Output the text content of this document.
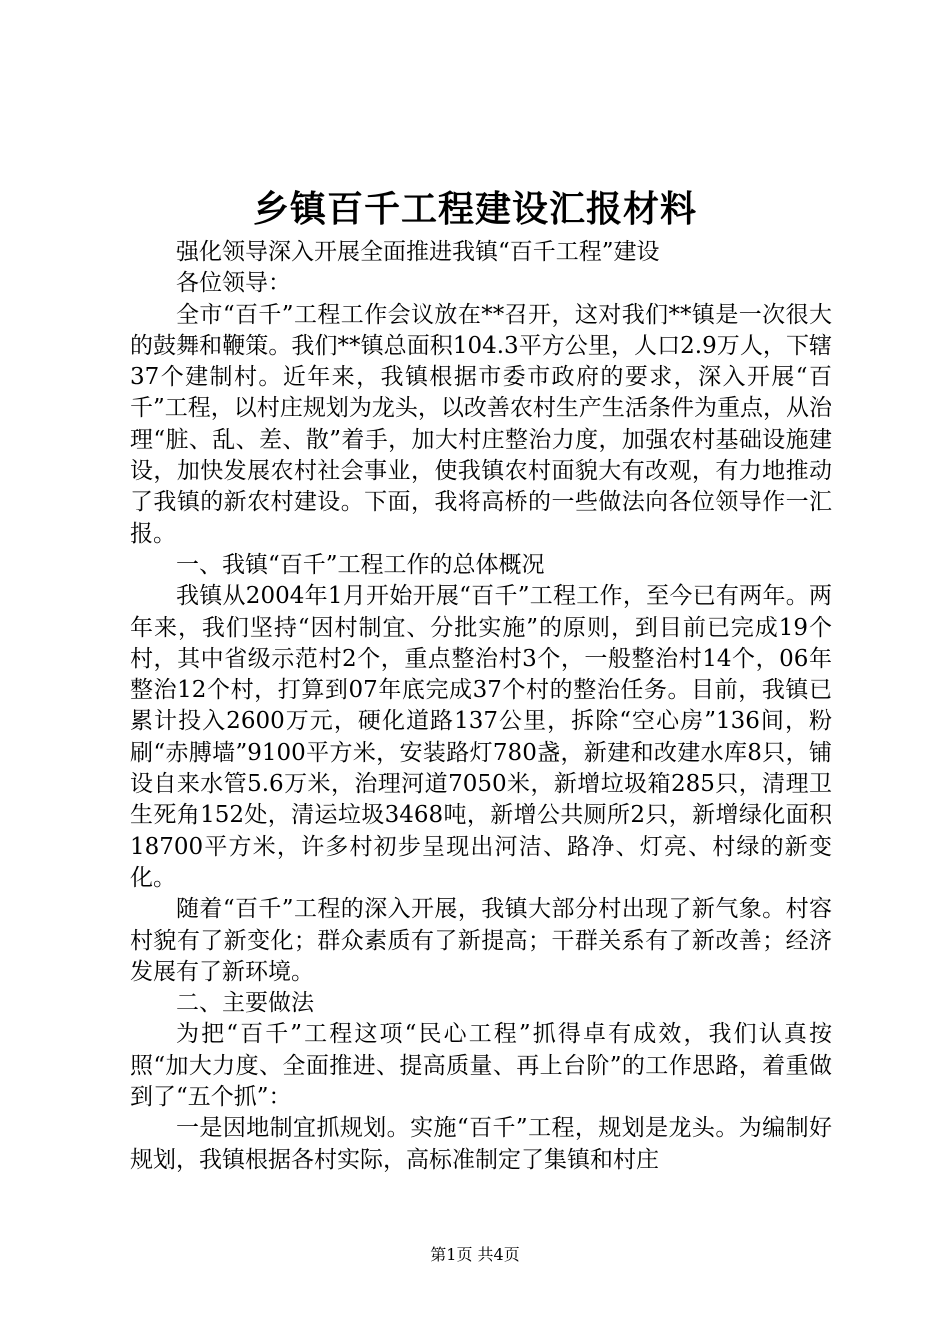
乡镇百千工程建设汇报材料

强化领导深入开展全面推进我镇“百千工程”建设

各位领导：

全市“百千”工程工作会议放在**召开，这对我们**镇是一次很大的鼓舞和鞭策。我们**镇总面积104.3平方公里，人口2.9万人，下辖37个建制村。近年来，我镇根据市委市政府的要求，深入开展“百千”工程，以村庄规划为龙头，以改善农村生产生活条件为重点，从治理“脏、乱、差、散”着手，加大村庄整治力度，加强农村基础设施建设，加快发展农村社会事业，使我镇农村面貌大有改观，有力地推动了我镇的新农村建设。下面，我将高桥的一些做法向各位领导作一汇报。

一、我镇“百千”工程工作的总体概况

我镇从2004年1月开始开展“百千”工程工作，至今已有两年。两年来，我们坚持“因村制宜、分批实施”的原则，到目前已完成19个村，其中省级示范村2个，重点整治村3个，一般整治村14个，06年整治12个村，打算到07年底完成37个村的整治任务。目前，我镇已累计投入2600万元，硬化道路137公里，拆除“空心房”136间，粉刷“赤膊墙”9100平方米，安装路灯780盏，新建和改建水库8只，铺设自来水管5.6万米，治理河道7050米，新增垃圾箱285只，清理卫生死角152处，清运垃圾3468吨，新增公共厕所2只，新增绿化面积18700平方米，许多村初步呈现出河洁、路净、灯亮、村绿的新变化。

随着“百千”工程的深入开展，我镇大部分村出现了新气象。村容村貌有了新变化；群众素质有了新提高；干群关系有了新改善；经济发展有了新环境。

二、主要做法

为把“百千”工程这项“民心工程”抓得卓有成效，我们认真按照“加大力度、全面推进、提高质量、再上台阶”的工作思路，着重做到了“五个抓”：

一是因地制宜抓规划。实施“百千”工程，规划是龙头。为编制好规划，我镇根据各村实际，高标准制定了集镇和村庄

第1页 共4页
